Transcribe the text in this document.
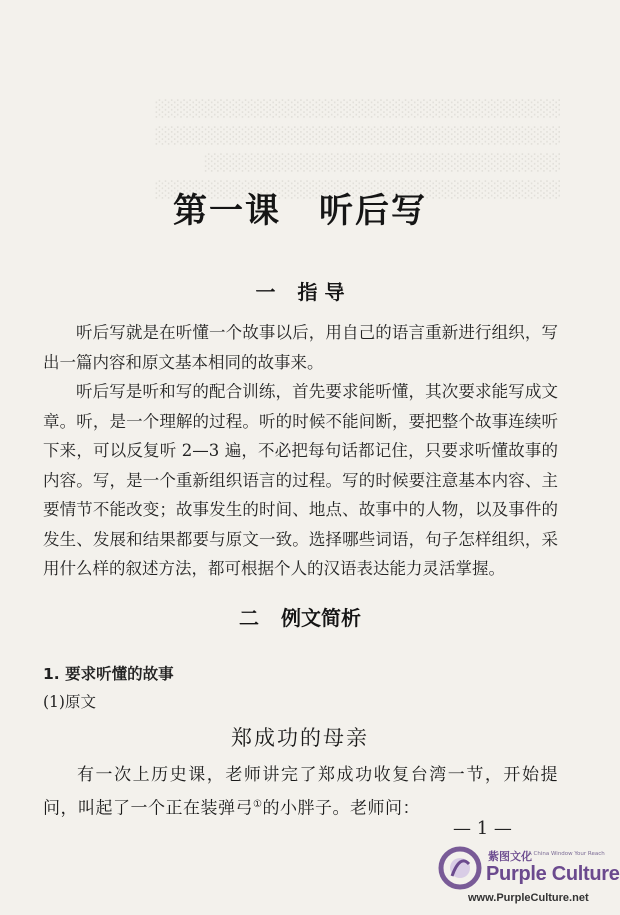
░░░░░░░░░░░░░░░░░░░░░░░░░░░░░░░░░
░░░░░░░░░░░░░░░░░░░░░░░░░░░░░░░░░
░░░░░░░░░░░░░░░░░░░░░░░░░░░░░
░░░░░░░░░░░░░░░░░░░░░░░░░░░░░░░░░
第一课 听后写
一 指 导

听后写就是在听懂一个故事以后，用自己的语言重新进行组织，写出一篇内容和原文基本相同的故事来。

听后写是听和写的配合训练，首先要求能听懂，其次要求能写成文章。听，是一个理解的过程。听的时候不能间断，要把整个故事连续听下来，可以反复听 2—3 遍，不必把每句话都记住，只要求听懂故事的内容。写，是一个重新组织语言的过程。写的时候要注意基本内容、主要情节不能改变；故事发生的时间、地点、故事中的人物，以及事件的发生、发展和结果都要与原文一致。选择哪些词语，句子怎样组织，采用什么样的叙述方法，都可根据个人的汉语表达能力灵活掌握。

二 例文简析
1. 要求听懂的故事
(1)原文
郑成功的母亲

有一次上历史课，老师讲完了郑成功收复台湾一节，开始提问，叫起了一个正在装弹弓①的小胖子。老师问：

— 1 —
紫图文化
A China Window Your Reach
Purple Culture
www.PurpleCulture.net
